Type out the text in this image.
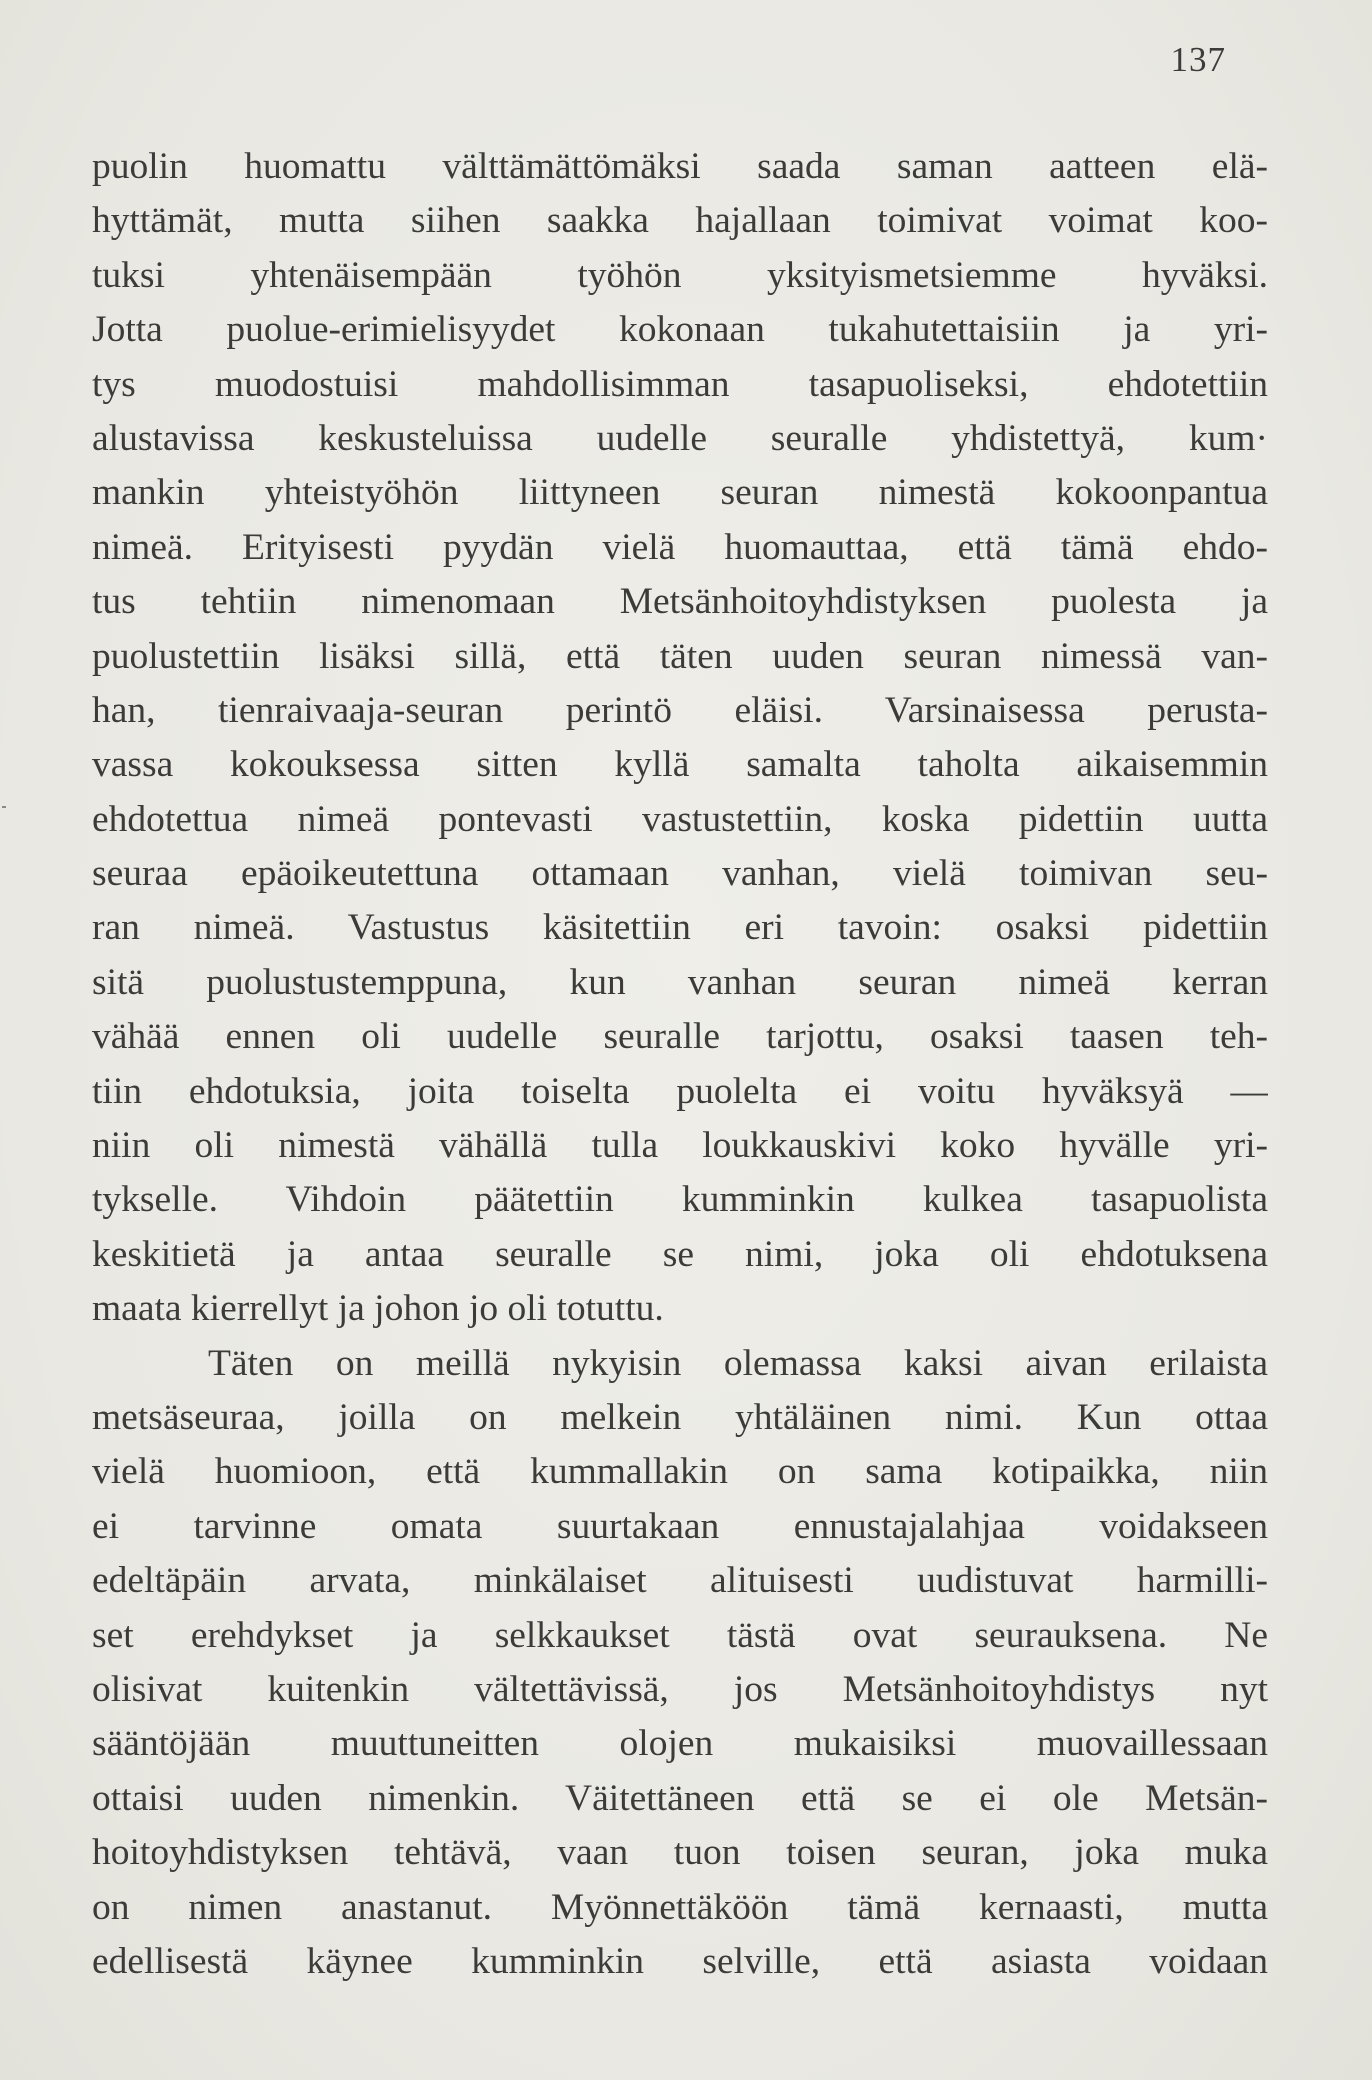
137
puolin huomattu välttämättömäksi saada saman aatteen elä-
hyttämät, mutta siihen saakka hajallaan toimivat voimat koo-
tuksi yhtenäisempään työhön yksityismetsiemme hyväksi.
Jotta puolue-erimielisyydet kokonaan tukahutettaisiin ja yri-
tys muodostuisi mahdollisimman tasapuoliseksi, ehdotettiin
alustavissa keskusteluissa uudelle seuralle yhdistettyä, kum·
mankin yhteistyöhön liittyneen seuran nimestä kokoonpantua
nimeä. Erityisesti pyydän vielä huomauttaa, että tämä ehdo-
tus tehtiin nimenomaan Metsänhoitoyhdistyksen puolesta ja
puolustettiin lisäksi sillä, että täten uuden seuran nimessä van-
han, tienraivaaja-seuran perintö eläisi. Varsinaisessa perusta-
vassa kokouksessa sitten kyllä samalta taholta aikaisemmin
ehdotettua nimeä pontevasti vastustettiin, koska pidettiin uutta
seuraa epäoikeutettuna ottamaan vanhan, vielä toimivan seu-
ran nimeä. Vastustus käsitettiin eri tavoin: osaksi pidettiin
sitä puolustustemppuna, kun vanhan seuran nimeä kerran
vähää ennen oli uudelle seuralle tarjottu, osaksi taasen teh-
tiin ehdotuksia, joita toiselta puolelta ei voitu hyväksyä —
niin oli nimestä vähällä tulla loukkauskivi koko hyvälle yri-
tykselle. Vihdoin päätettiin kumminkin kulkea tasapuolista
keskitietä ja antaa seuralle se nimi, joka oli ehdotuksena
maata kierrellyt ja johon jo oli totuttu.
Täten on meillä nykyisin olemassa kaksi aivan erilaista
metsäseuraa, joilla on melkein yhtäläinen nimi. Kun ottaa
vielä huomioon, että kummallakin on sama kotipaikka, niin
ei tarvinne omata suurtakaan ennustajalahjaa voidakseen
edeltäpäin arvata, minkälaiset alituisesti uudistuvat harmilli-
set erehdykset ja selkkaukset tästä ovat seurauksena. Ne
olisivat kuitenkin vältettävissä, jos Metsänhoitoyhdistys nyt
sääntöjään muuttuneitten olojen mukaisiksi muovaillessaan
ottaisi uuden nimenkin. Väitettäneen että se ei ole Metsän-
hoitoyhdistyksen tehtävä, vaan tuon toisen seuran, joka muka
on nimen anastanut. Myönnettäköön tämä kernaasti, mutta
edellisestä käynee kumminkin selville, että asiasta voidaan
